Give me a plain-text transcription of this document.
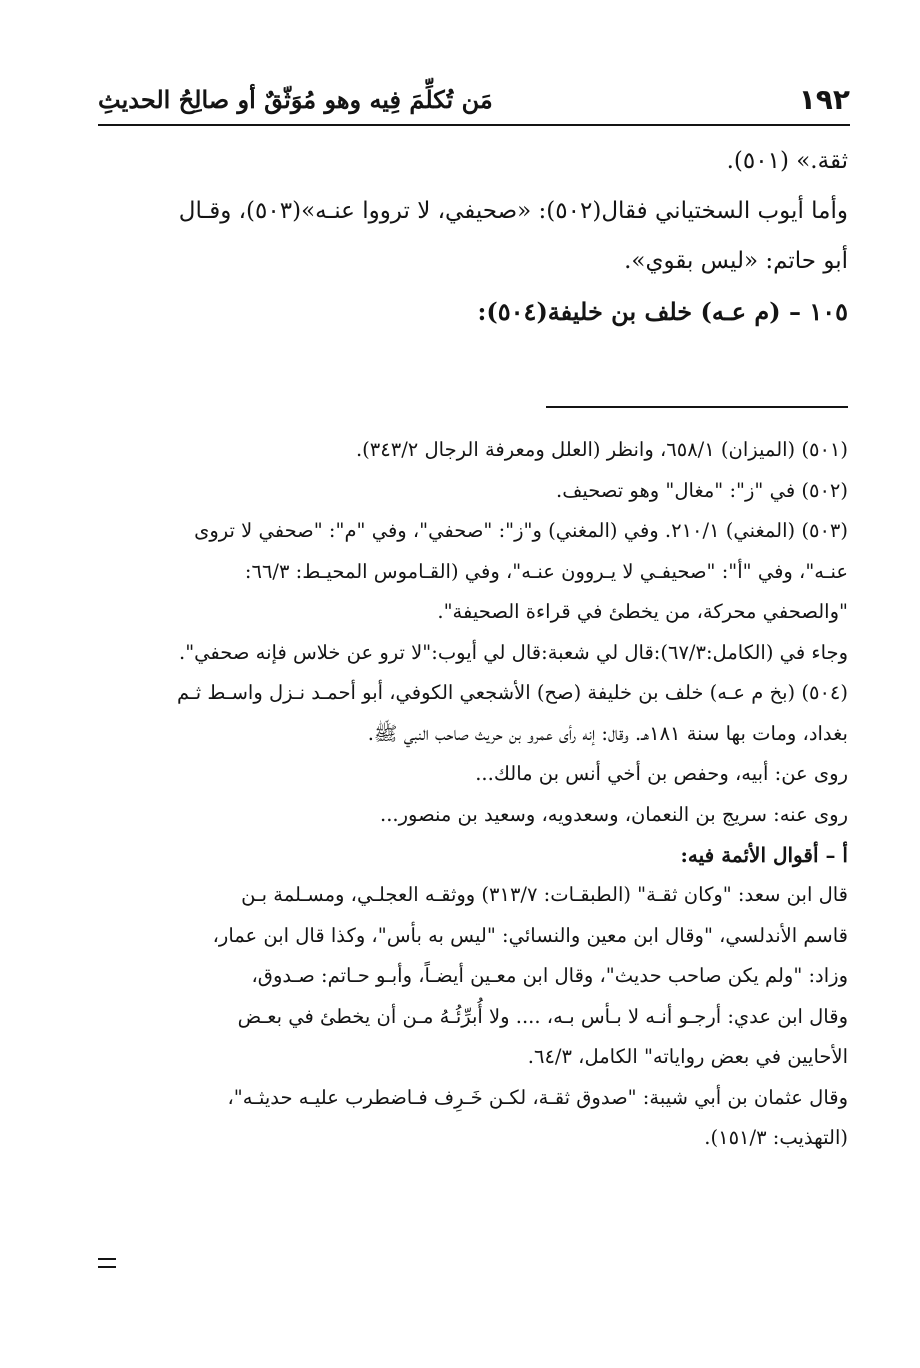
١٩٢
مَن تُكلِّمَ فِيه وهو مُوَثّقٌ أو صالِحُ الحديثِ
ثقة.» (٥٠١).
وأما أيوب السختياني فقال(٥٠٢): «صحيفي، لا ترووا عنـه»(٥٠٣)، وقـال
أبو حاتم: «ليس بقوي».
١٠٥ – (م عـه) خلف بن خليفة(٥٠٤):
(٥٠١) (الميزان) ٦٥٨/١، وانظر (العلل ومعرفة الرجال ٣٤٣/٢).
(٥٠٢) في "ز": "مغال" وهو تصحيف.
(٥٠٣) (المغني) ٢١٠/١. وفي (المغني) و"ز": "صحفي"، وفي "م": "صحفي لا تروى
عنـه"، وفي "أ": "صحيفـي لا يـروون عنـه"، وفي (القـاموس المحيـط: ٦٦/٣:
"والصحفي محركة، من يخطئ في قراءة الصحيفة".
وجاء في (الكامل:٦٧/٣):قال لي شعبة:قال لي أيوب:"لا ترو عن خلاس فإنه صحفي".
(٥٠٤) (بخ م عـه) خلف بن خليفة (صح) الأشجعي الكوفي، أبو أحمـد نـزل واسـط ثـم
بغداد، ومات بها سنة ١٨١هـ. وقال: إنه رأى عمرو بن حريث صاحب النبي ﷺ.
روى عن: أبيه، وحفص بن أخي أنس بن مالك...
روى عنه: سريج بن النعمان، وسعدويه، وسعيد بن منصور...
أ – أقوال الأئمة فيه:
قال ابن سعد: "وكان ثقـة" (الطبقـات: ٣١٣/٧) ووثقـه العجلـي، ومسـلمة بـن
قاسم الأندلسي، "وقال ابن معين والنسائي: "ليس به بأس"، وكذا قال ابن عمار،
وزاد: "ولم يكن صاحب حديث"، وقال ابن معـين أيضـاً، وأبـو حـاتم: صـدوق،
وقال ابن عدي: أرجـو أنـه لا بـأس بـه، .... ولا أُبرِّئُـهُ مـن أن يخطئ في بعـض
الأحايين في بعض رواياته" الكامل، ٦٤/٣.
وقال عثمان بن أبي شيبة: "صدوق ثقـة، لكـن خَـرِف فـاضطرب عليـه حديثـه"،
(التهذيب: ١٥١/٣).
